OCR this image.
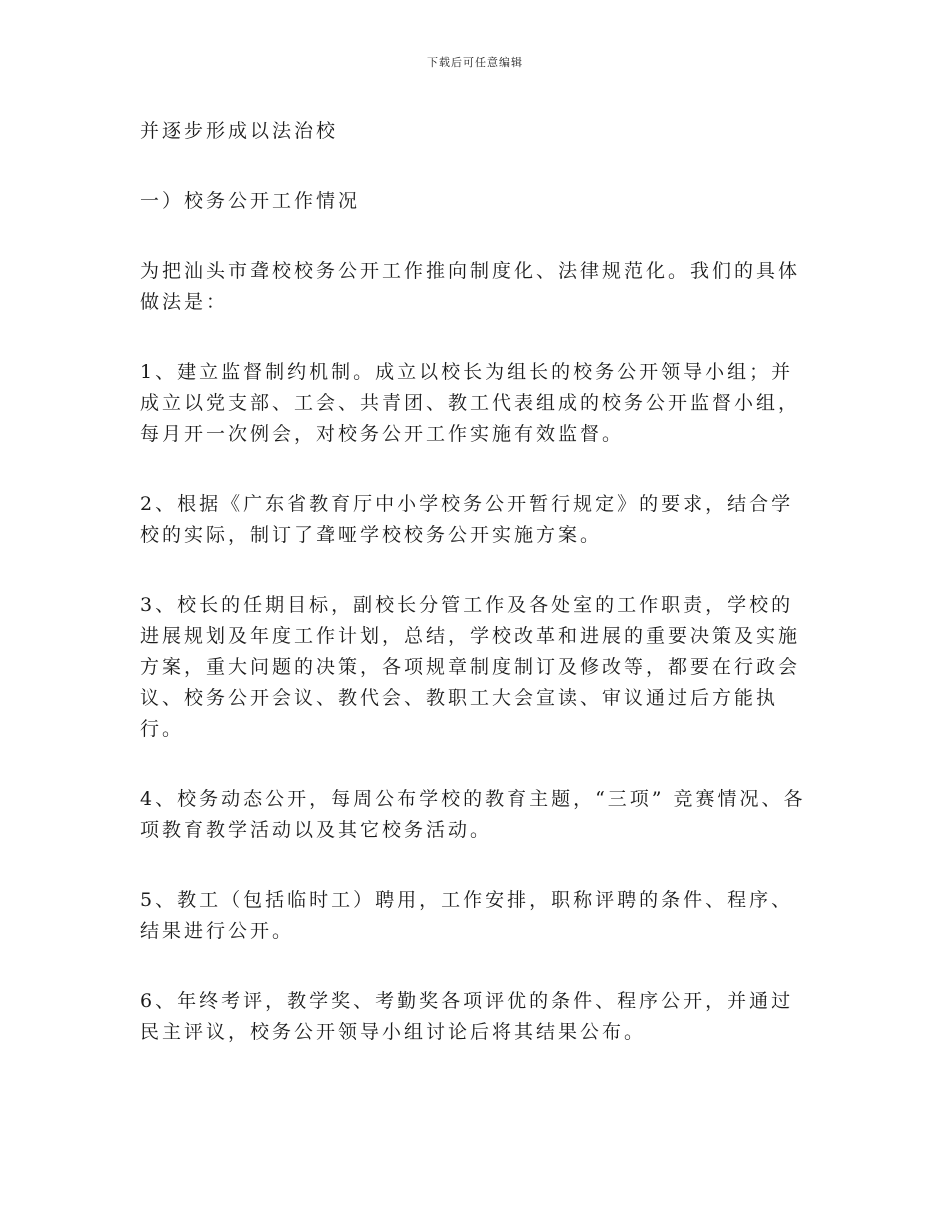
下载后可任意编辑

并逐步形成以法治校

一）校务公开工作情况

为把汕头市聋校校务公开工作推向制度化、法律规范化。我们的具体做法是：

1、建立监督制约机制。成立以校长为组长的校务公开领导小组；并成立以党支部、工会、共青团、教工代表组成的校务公开监督小组，每月开一次例会，对校务公开工作实施有效监督。

2、根据《广东省教育厅中小学校务公开暂行规定》的要求，结合学校的实际，制订了聋哑学校校务公开实施方案。

3、校长的任期目标，副校长分管工作及各处室的工作职责，学校的进展规划及年度工作计划，总结，学校改革和进展的重要决策及实施方案，重大问题的决策，各项规章制度制订及修改等，都要在行政会议、校务公开会议、教代会、教职工大会宣读、审议通过后方能执行。

4、校务动态公开，每周公布学校的教育主题，“三项” 竞赛情况、各项教育教学活动以及其它校务活动。

5、教工（包括临时工）聘用，工作安排，职称评聘的条件、程序、结果进行公开。

6、年终考评，教学奖、考勤奖各项评优的条件、程序公开，并通过民主评议，校务公开领导小组讨论后将其结果公布。
